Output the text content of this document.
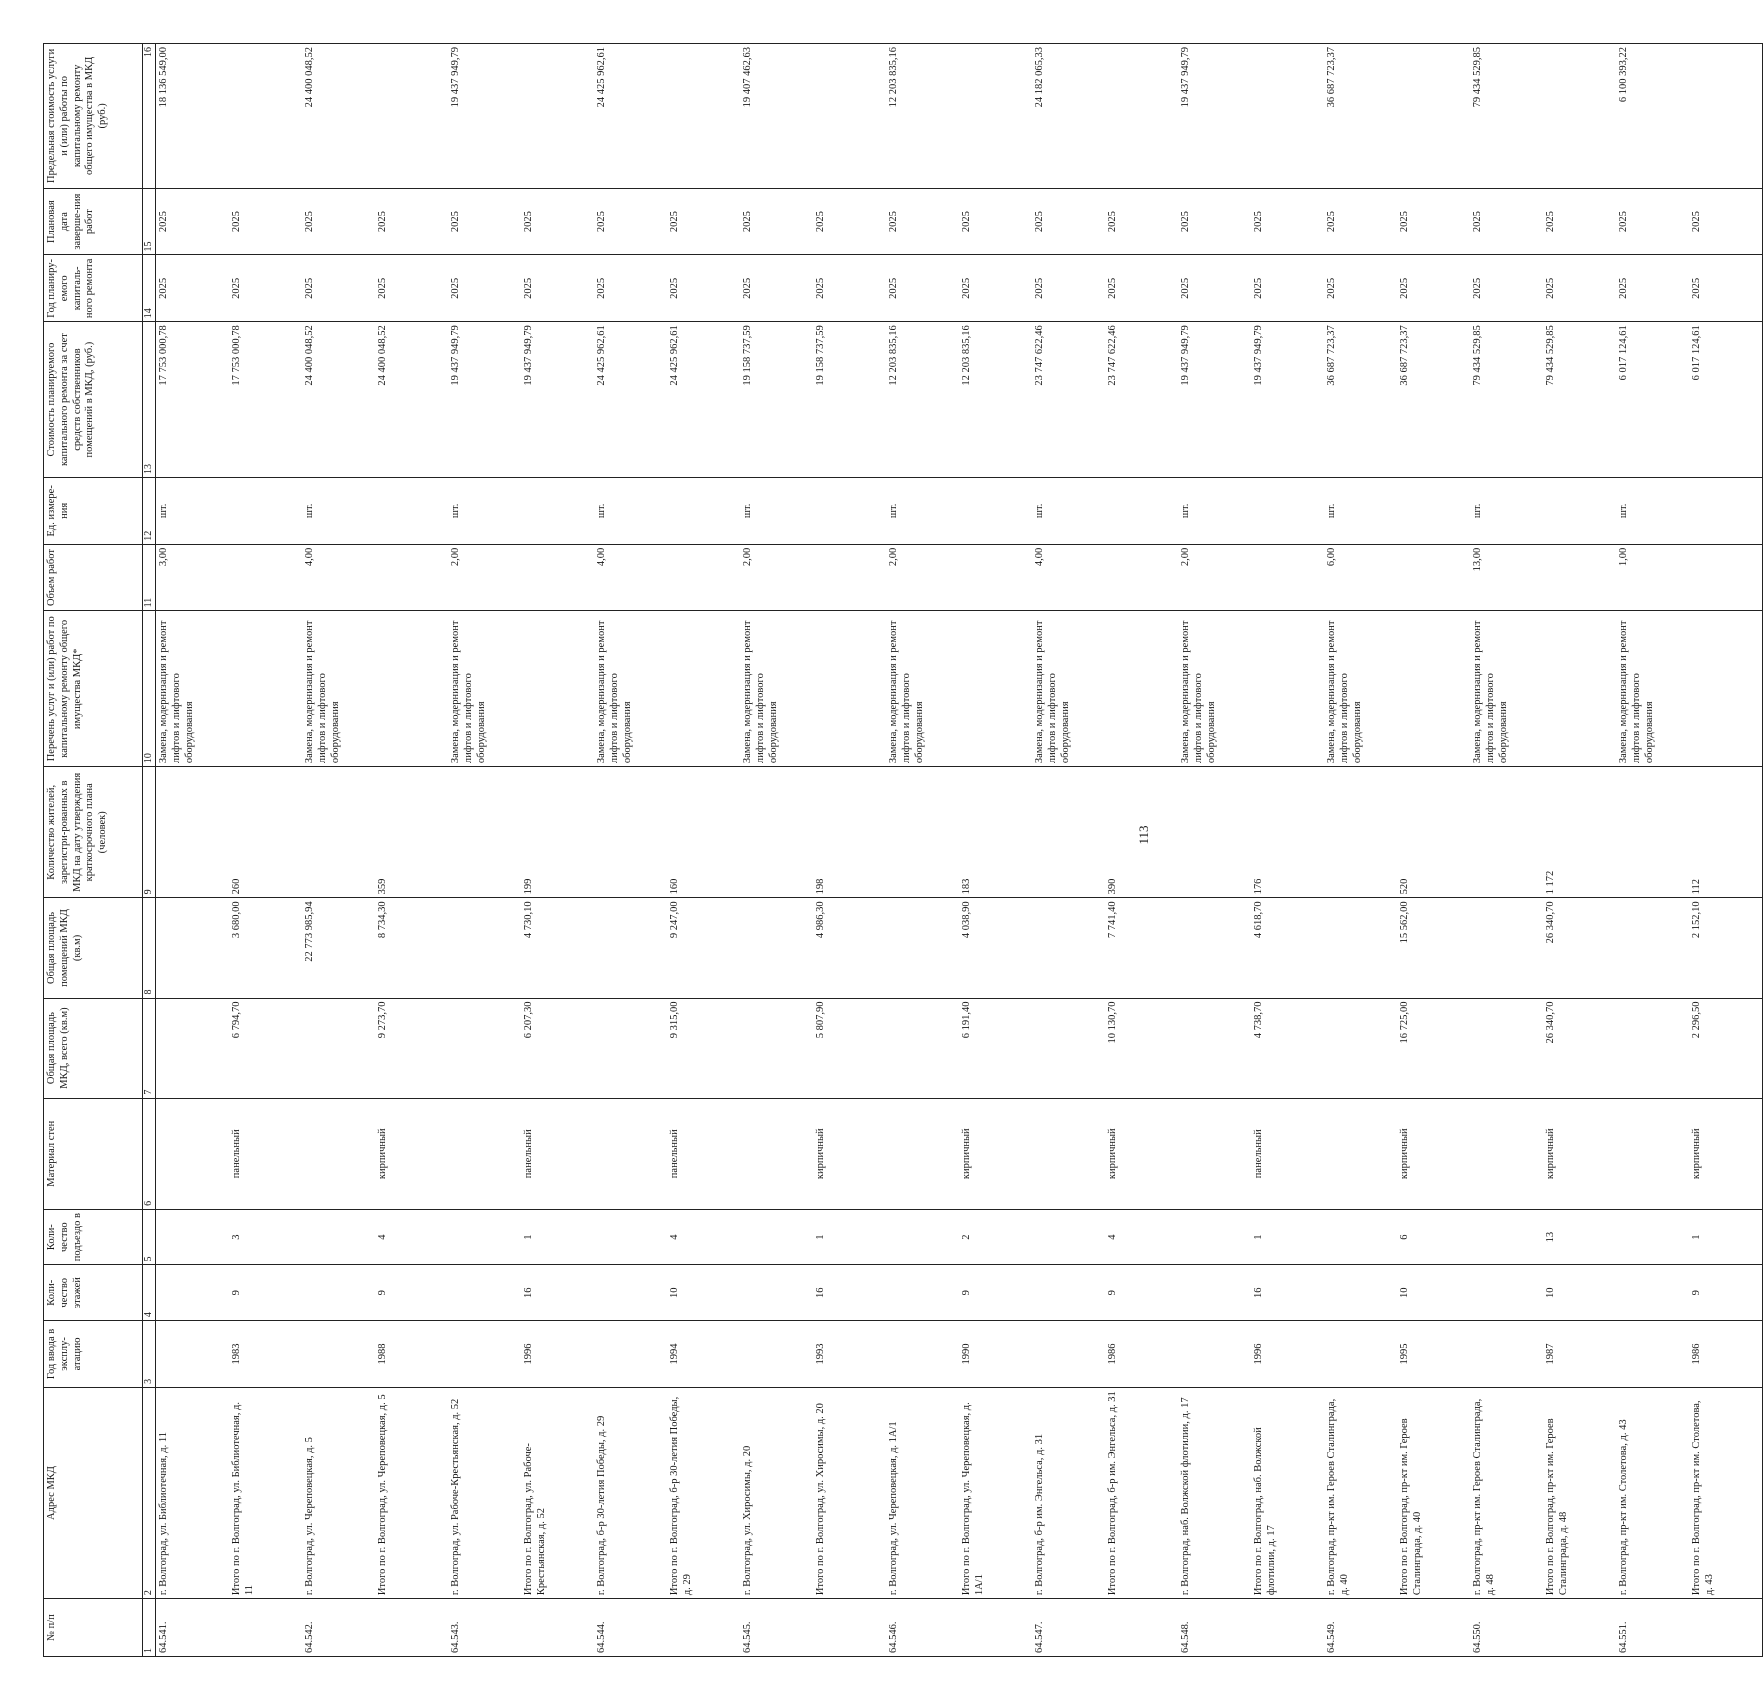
113
№ п/п	Адрес МКД	Год ввода в эксплу-атацию	Коли-чество этажей	Коли-чество подъездо в	Материал стен	Общая площадь МКД, всего (кв.м)	Общая площадь помещений МКД (кв.м)	Количество жителей, зарегистри-рованных в МКД на дату утверждения краткосрочного плана (человек)	Перечень услуг и (или) работ по капитальному ремонту общего имущества МКД*	Объем работ	Ед. измере-ния	Стоимость планируемого капитального ремонта за счет средств собственников помещений в МКД, (руб.)	Год планиру-емого капиталь-ного ремонта	Плановая дата заверше-ния работ	Предельная стоимость услуги и (или) работы по капитальному ремонту общего имущества в МКД (руб.)
1	2	3	4	5	6	7	8	9	10	11	12	13	14	15	16
64.541.	г. Волгоград, ул. Библиотечная, д. 11								Замена, модернизация и ремонт лифтов и лифтового оборудования	3,00	шт.	17 753 000,78	2025	2025	18 136 549,00
	Итого по г. Волгоград, ул. Библиотечная, д. 11	1983	9	3	панельный	6 794,70	3 680,00	260				17 753 000,78	2025	2025	
64.542.	г. Волгоград, ул. Череповецкая, д. 5						22 773 985,94		Замена, модернизация и ремонт лифтов и лифтового оборудования	4,00	шт.	24 400 048,52	2025	2025	24 400 048,52
	Итого по г. Волгоград, ул. Череповецкая, д. 5	1988	9	4	кирпичный	9 273,70	8 734,30	359				24 400 048,52	2025	2025	
64.543.	г. Волгоград, ул. Рабоче-Крестьянская, д. 52								Замена, модернизация и ремонт лифтов и лифтового оборудования	2,00	шт.	19 437 949,79	2025	2025	19 437 949,79
	Итого по г. Волгоград, ул. Рабоче-Крестьянская, д. 52	1996	16	1	панельный	6 207,30	4 730,10	199				19 437 949,79	2025	2025	
64.544.	г. Волгоград, б-р 30-летия Победы, д. 29								Замена, модернизация и ремонт лифтов и лифтового оборудования	4,00	шт.	24 425 962,61	2025	2025	24 425 962,61
	Итого по г. Волгоград, б-р 30-летия Победы, д. 29	1994	10	4	панельный	9 315,00	9 247,00	160				24 425 962,61	2025	2025	
64.545.	г. Волгоград, ул. Хиросимы, д. 20								Замена, модернизация и ремонт лифтов и лифтового оборудования	2,00	шт.	19 158 737,59	2025	2025	19 407 462,63
	Итого по г. Волгоград, ул. Хиросимы, д. 20	1993	16	1	кирпичный	5 807,90	4 986,30	198				19 158 737,59	2025	2025	
64.546.	г. Волгоград, ул. Череповецкая, д. 1А/1								Замена, модернизация и ремонт лифтов и лифтового оборудования	2,00	шт.	12 203 835,16	2025	2025	12 203 835,16
	Итого по г. Волгоград, ул. Череповецкая, д. 1А/1	1990	9	2	кирпичный	6 191,40	4 038,90	183				12 203 835,16	2025	2025	
64.547.	г. Волгоград, б-р им. Энгельса, д. 31								Замена, модернизация и ремонт лифтов и лифтового оборудования	4,00	шт.	23 747 622,46	2025	2025	24 182 065,33
	Итого по г. Волгоград, б-р им. Энгельса, д. 31	1986	9	4	кирпичный	10 130,70	7 741,40	390				23 747 622,46	2025	2025	
64.548.	г. Волгоград, наб. Волжской флотилии, д. 17								Замена, модернизация и ремонт лифтов и лифтового оборудования	2,00	шт.	19 437 949,79	2025	2025	19 437 949,79
	Итого по г. Волгоград, наб. Волжской флотилии, д. 17	1996	16	1	панельный	4 738,70	4 618,70	176				19 437 949,79	2025	2025	
64.549.	г. Волгоград, пр-кт им. Героев Сталинграда, д. 40								Замена, модернизация и ремонт лифтов и лифтового оборудования	6,00	шт.	36 687 723,37	2025	2025	36 687 723,37
	Итого по г. Волгоград, пр-кт им. Героев Сталинграда, д. 40	1995	10	6	кирпичный	16 725,00	15 562,00	520				36 687 723,37	2025	2025	
64.550.	г. Волгоград, пр-кт им. Героев Сталинграда, д. 48								Замена, модернизация и ремонт лифтов и лифтового оборудования	13,00	шт.	79 434 529,85	2025	2025	79 434 529,85
	Итого по г. Волгоград, пр-кт им. Героев Сталинграда, д. 48	1987	10	13	кирпичный	26 340,70	26 340,70	1 172				79 434 529,85	2025	2025	
64.551.	г. Волгоград, пр-кт им. Столетова, д. 43								Замена, модернизация и ремонт лифтов и лифтового оборудования	1,00	шт.	6 017 124,61	2025	2025	6 100 393,22
	Итого по г. Волгоград, пр-кт им. Столетова, д. 43	1986	9	1	кирпичный	2 296,50	2 152,10	112				6 017 124,61	2025	2025	
